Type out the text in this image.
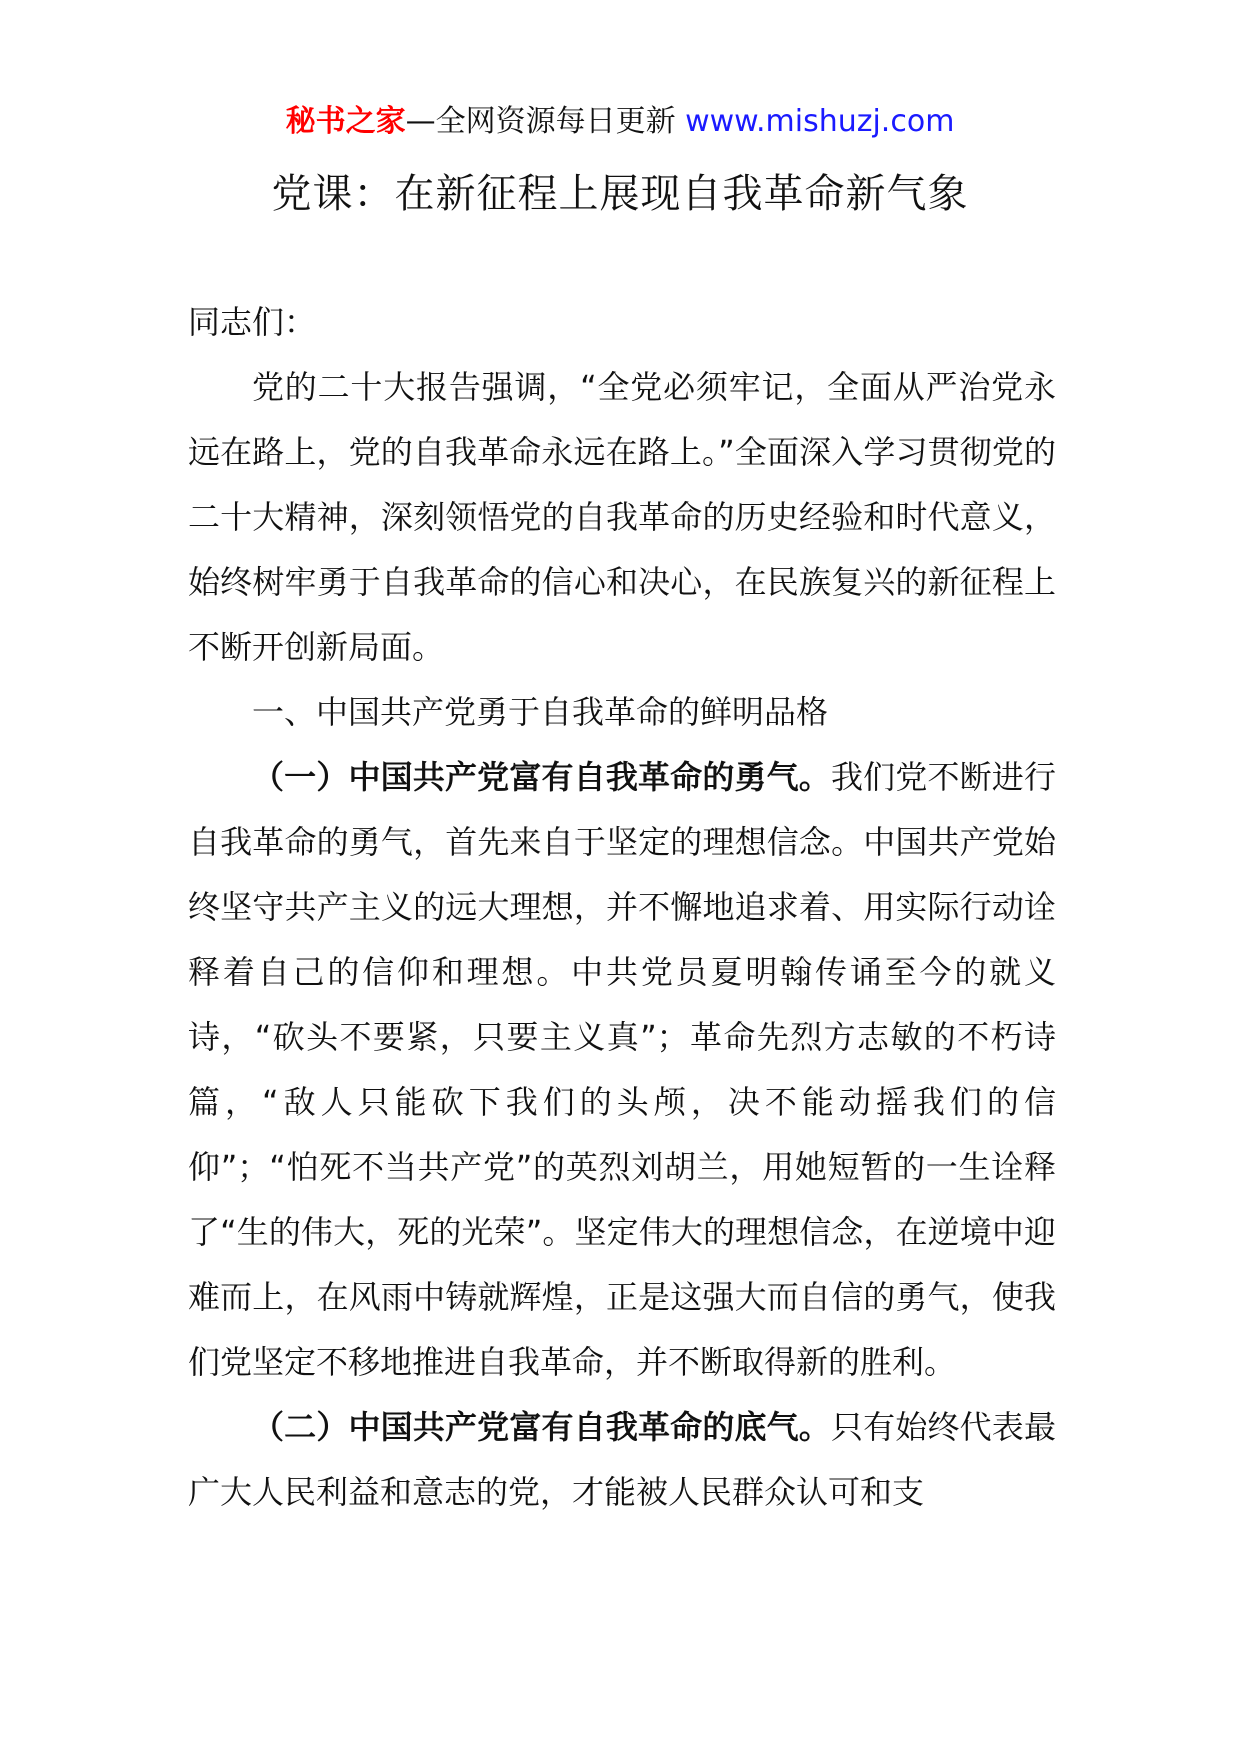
秘书之家—全网资源每日更新 www.mishuzj.com
党课：在新征程上展现自我革命新气象

同志们：

党的二十大报告强调，“全党必须牢记，全面从严治党永远在路上，党的自我革命永远在路上。”全面深入学习贯彻党的二十大精神，深刻领悟党的自我革命的历史经验和时代意义，始终树牢勇于自我革命的信心和决心，在民族复兴的新征程上不断开创新局面。

一、中国共产党勇于自我革命的鲜明品格

（一）中国共产党富有自我革命的勇气。我们党不断进行自我革命的勇气，首先来自于坚定的理想信念。中国共产党始终坚守共产主义的远大理想，并不懈地追求着、用实际行动诠释着自己的信仰和理想。中共党员夏明翰传诵至今的就义诗，“砍头不要紧，只要主义真”；革命先烈方志敏的不朽诗篇，“敌人只能砍下我们的头颅，决不能动摇我们的信仰”；“怕死不当共产党”的英烈刘胡兰，用她短暂的一生诠释了“生的伟大，死的光荣”。坚定伟大的理想信念，在逆境中迎难而上，在风雨中铸就辉煌，正是这强大而自信的勇气，使我们党坚定不移地推进自我革命，并不断取得新的胜利。

（二）中国共产党富有自我革命的底气。只有始终代表最广大人民利益和意志的党，才能被人民群众认可和支
